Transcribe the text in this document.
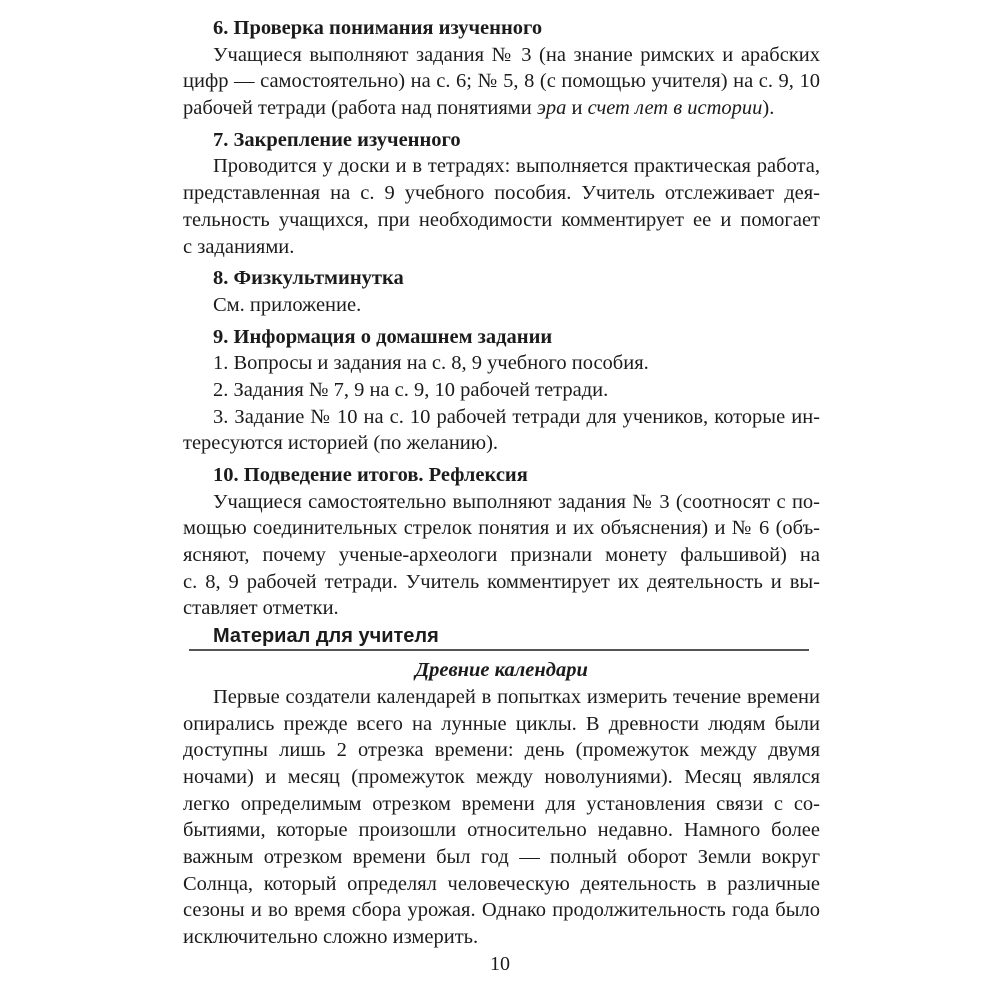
6. Проверка понимания изученного
Учащиеся выполняют задания № 3 (на знание римских и арабских
цифр — самостоятельно) на с. 6; № 5, 8 (с помощью учителя) на с. 9, 10
рабочей тетради (работа над понятиями эра и счет лет в истории).
7. Закрепление изученного
Проводится у доски и в тетрадях: выполняется практическая работа,
представленная на с. 9 учебного пособия. Учитель отслеживает дея-
тельность учащихся, при необходимости комментирует ее и помогает
с заданиями.
8. Физкультминутка
См. приложение.
9. Информация о домашнем задании
1. Вопросы и задания на с. 8, 9 учебного пособия.
2. Задания № 7, 9 на с. 9, 10 рабочей тетради.
3. Задание № 10 на с. 10 рабочей тетради для учеников, которые ин-
тересуются историей (по желанию).
10. Подведение итогов. Рефлексия
Учащиеся самостоятельно выполняют задания № 3 (соотносят с по-
мощью соединительных стрелок понятия и их объяснения) и № 6 (объ-
ясняют, почему ученые-археологи признали монету фальшивой) на
с. 8, 9 рабочей тетради. Учитель комментирует их деятельность и вы-
ставляет отметки.
Материал для учителя
Древние календари
Первые создатели календарей в попытках измерить течение времени
опирались прежде всего на лунные циклы. В древности людям были
доступны лишь 2 отрезка времени: день (промежуток между двумя
ночами) и месяц (промежуток между новолуниями). Месяц являлся
легко определимым отрезком времени для установления связи с со-
бытиями, которые произошли относительно недавно. Намного более
важным отрезком времени был год — полный оборот Земли вокруг
Солнца, который определял человеческую деятельность в различные
сезоны и во время сбора урожая. Однако продолжительность года было
исключительно сложно измерить.
10
